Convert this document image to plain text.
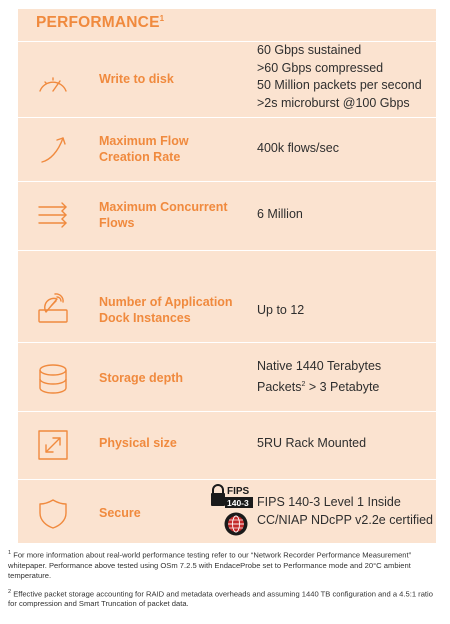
PERFORMANCE$^1$
Write to disk
60 Gbps sustained
>60 Gbps compressed
50 Million packets per second
>2s microburst @100 Gbps
Maximum Flow Creation Rate
400k flows/sec
Maximum Concurrent Flows
6 Million
Number of Application Dock Instances
Up to 12
Storage depth
Native 1440 Terabytes
Packets$^2$ > 3 Petabyte
Physical size	5RU Rack Mounted
Secure
FIPS
140-3 FIPS 140-3 Level 1 Inside
CC/NIAP NDcPP v2.2e certified

$^1$ For more information about real-world performance testing refer to our “Network Recorder Performance Measurement” whitepaper. Performance above tested using OSm 7.2.5 with EndaceProbe set to Performance mode and 20°C ambient temperature.

$^2$ Effective packet storage accounting for RAID and metadata overheads and assuming 1440 TB configuration and a 4.5:1 ratio for compression and Smart Truncation of packet data.
